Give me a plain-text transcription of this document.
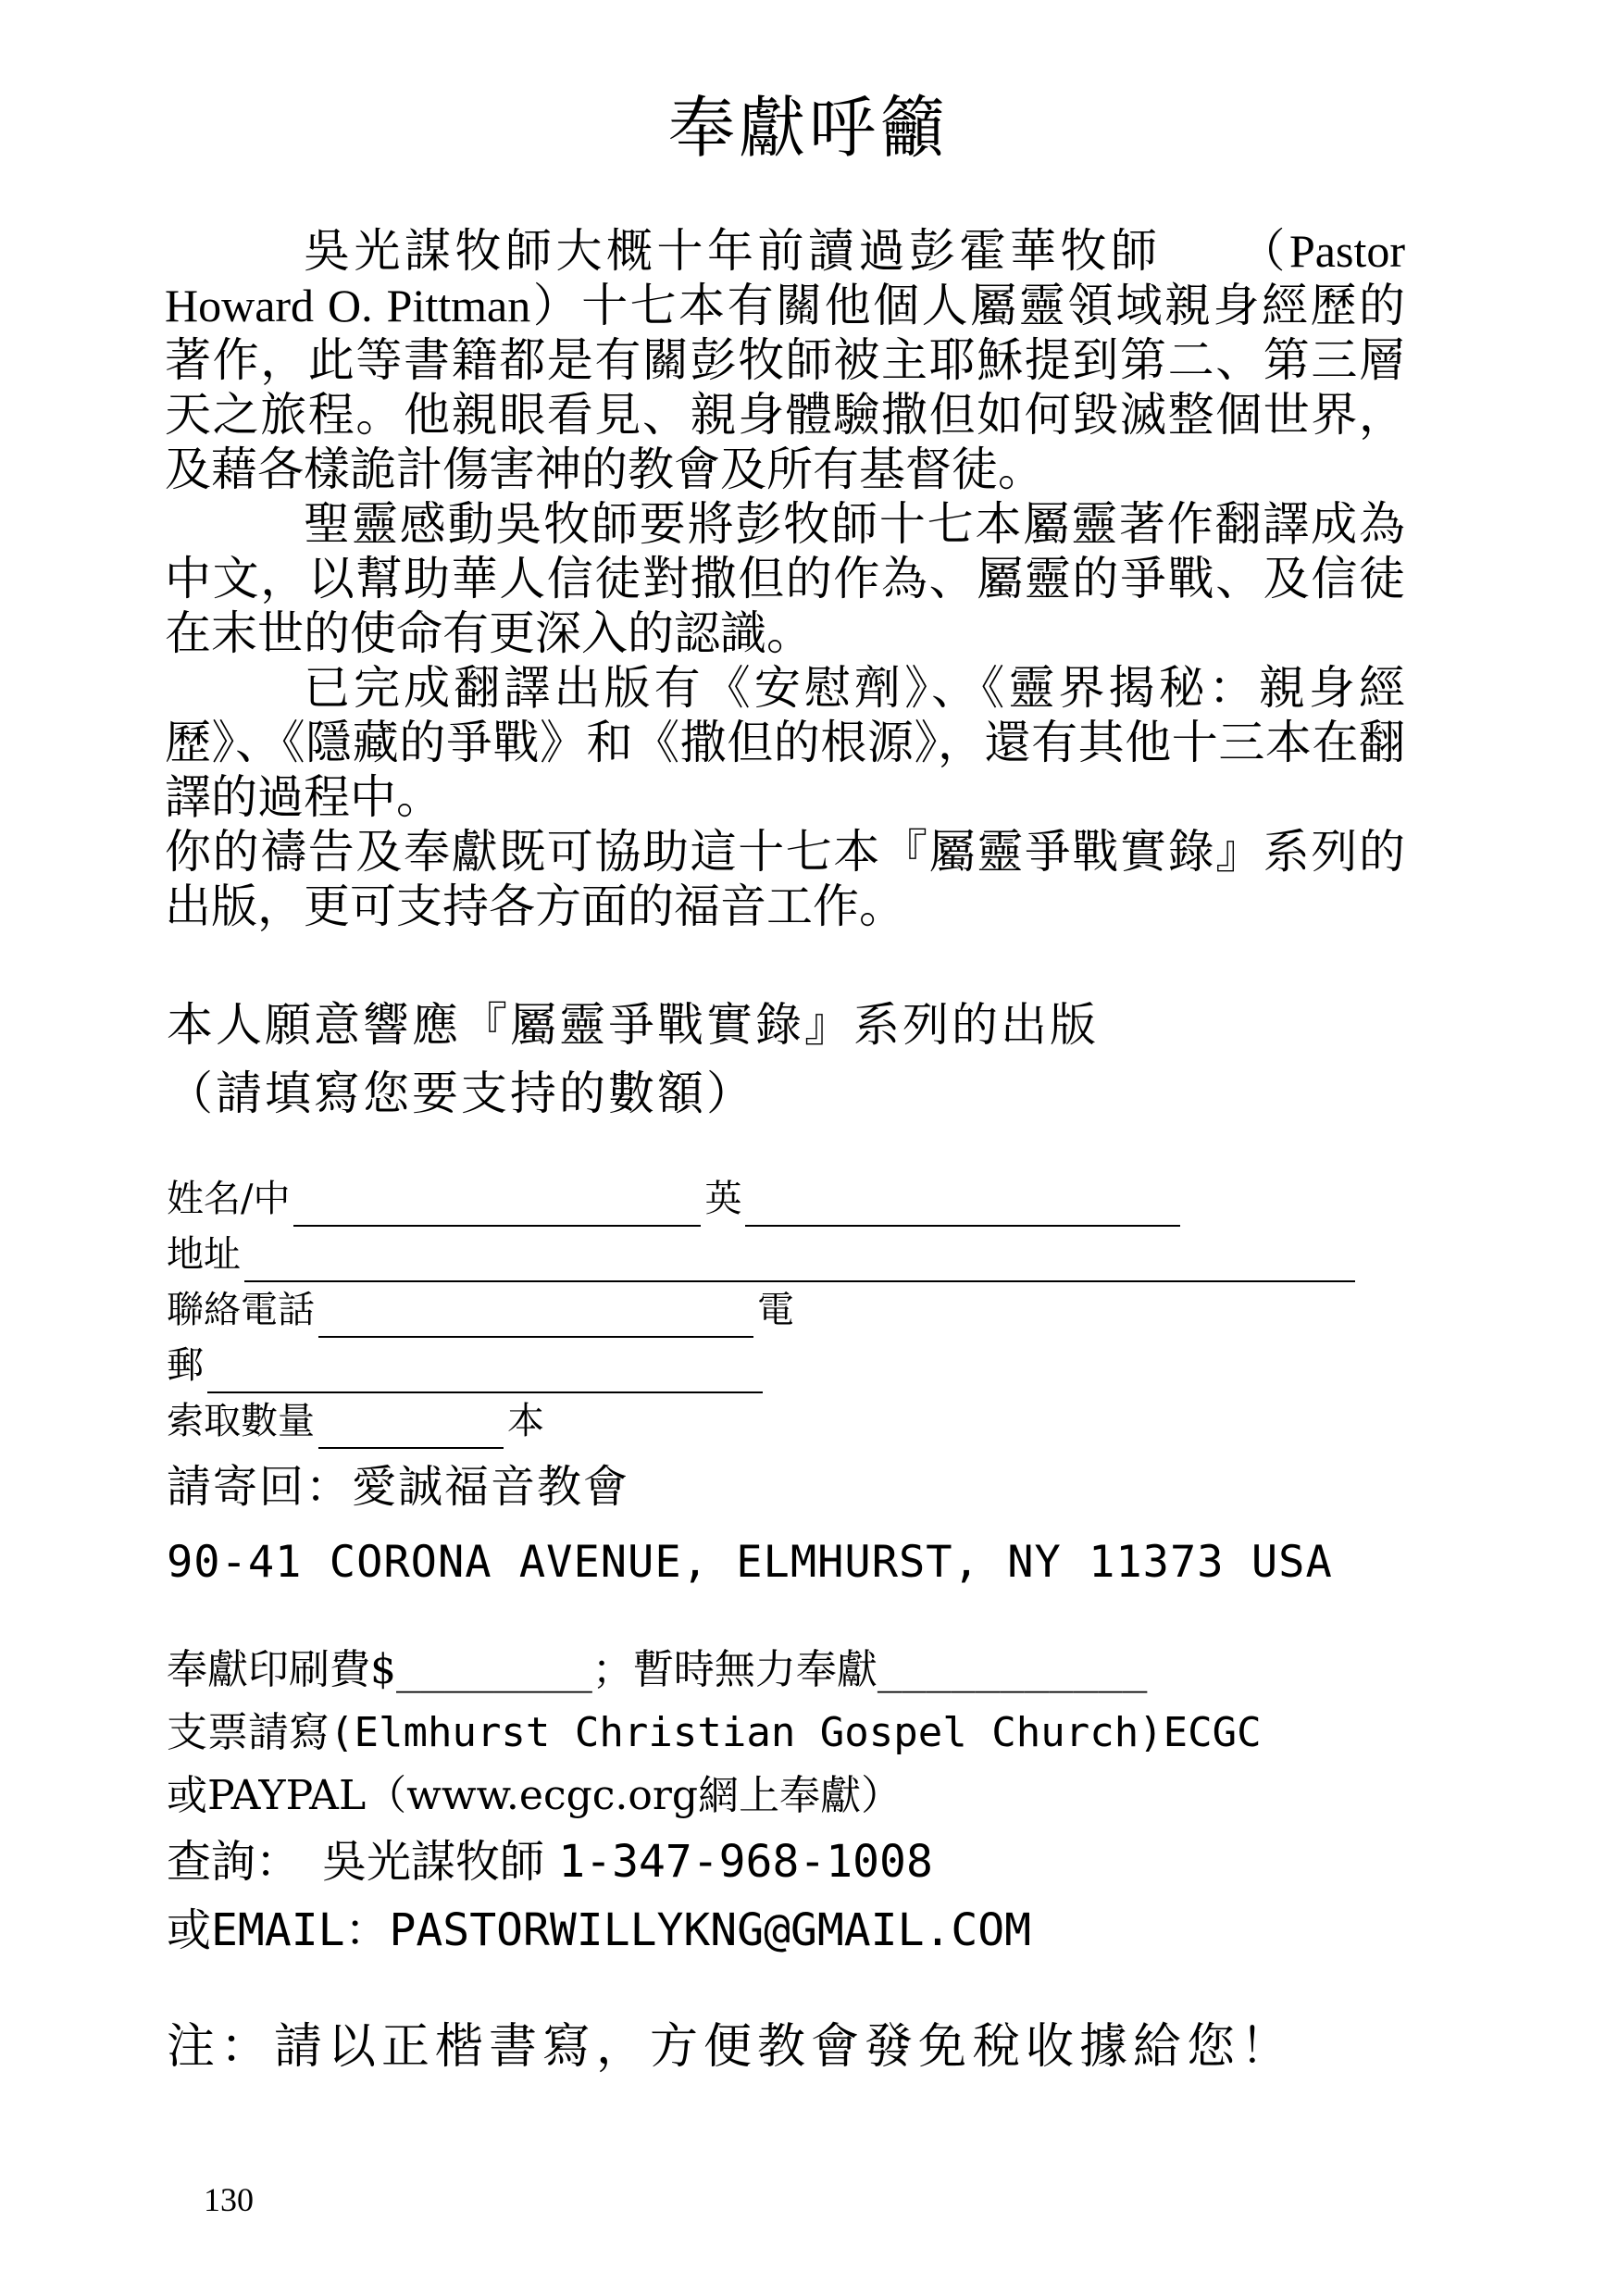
奉獻呼籲

吳光謀牧師大概十年前讀過彭霍華牧師　　（Pastor Howard O. Pittman）十七本有關他個人屬靈領域親身經歷的著作，此等書籍都是有關彭牧師被主耶穌提到第二、第三層天之旅程。他親眼看見、親身體驗撒但如何毀滅整個世界，及藉各樣詭計傷害神的教會及所有基督徒。

聖靈感動吳牧師要將彭牧師十七本屬靈著作翻譯成為中文，以幫助華人信徒對撒但的作為、屬靈的爭戰、及信徒在末世的使命有更深入的認識。

已完成翻譯出版有《安慰劑》、《靈界揭秘：親身經歷》、《隱藏的爭戰》和《撒但的根源》，還有其他十三本在翻譯的過程中。

你的禱告及奉獻既可協助這十七本『屬靈爭戰實錄』系列的出版，更可支持各方面的福音工作。

本人願意響應『屬靈爭戰實錄』系列的出版
（請填寫您要支持的數額）
姓名/中	英
地址
聯絡電話	電
郵
索取數量	本
請寄回：愛誠福音教會
90-41 CORONA AVENUE, ELMHURST, NY 11373 USA
奉獻印刷費$________；暫時無力奉獻___________
支票請寫(Elmhurst Christian Gospel Church)ECGC
或PAYPAL（www.ecgc.org網上奉獻）
查詢：　吳光謀牧師 1-347-968-1008
或EMAIL：PASTORWILLYKNG@GMAIL.COM
注：請以正楷書寫，方便教會發免稅收據給您！
130
